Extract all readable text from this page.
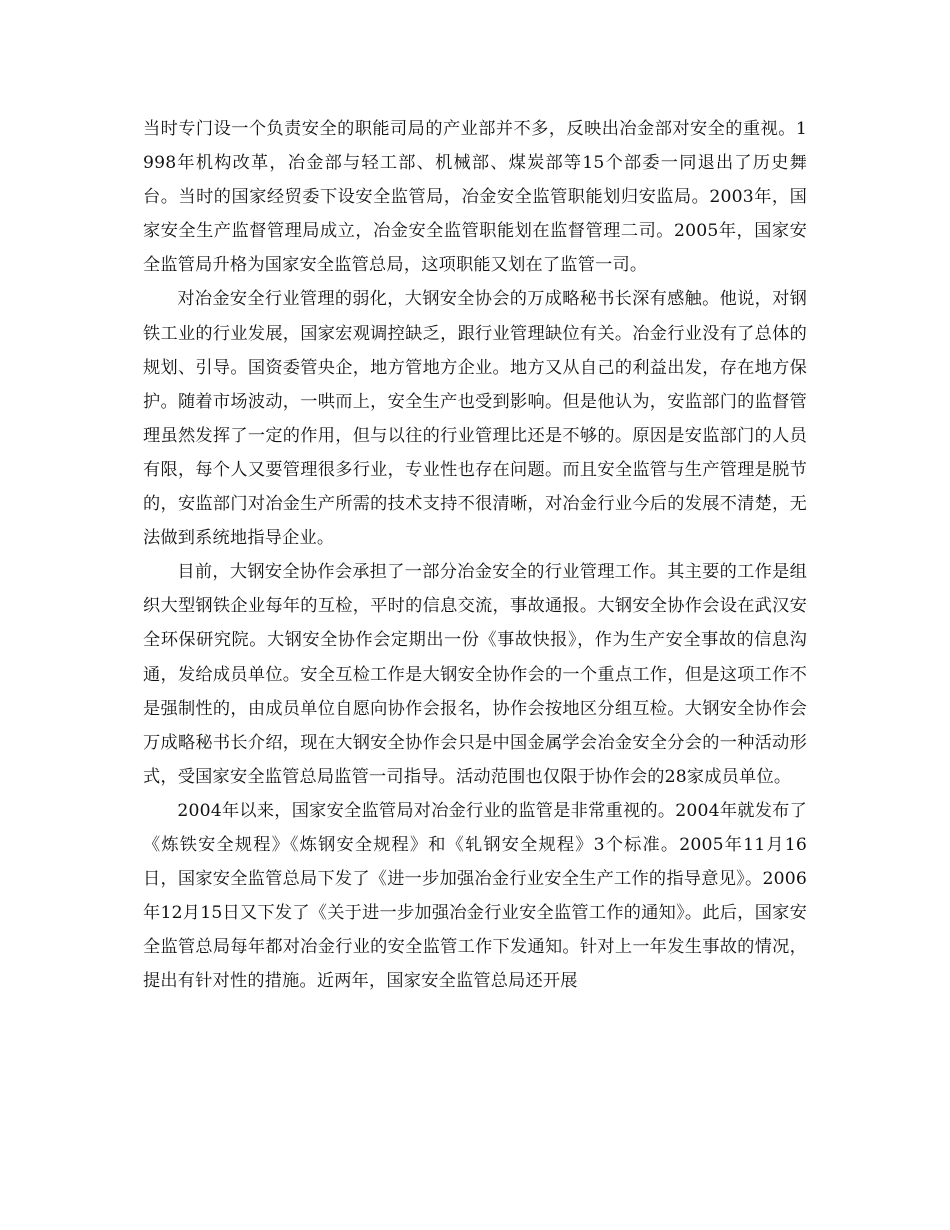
当时专门设一个负责安全的职能司局的产业部并不多，反映出冶金部对安全的重视。1998年机构改革，冶金部与轻工部、机械部、煤炭部等15个部委一同退出了历史舞台。当时的国家经贸委下设安全监管局，冶金安全监管职能划归安监局。2003年，国家安全生产监督管理局成立，冶金安全监管职能划在监督管理二司。2005年，国家安全监管局升格为国家安全监管总局，这项职能又划在了监管一司。

对冶金安全行业管理的弱化，大钢安全协会的万成略秘书长深有感触。他说，对钢铁工业的行业发展，国家宏观调控缺乏，跟行业管理缺位有关。冶金行业没有了总体的规划、引导。国资委管央企，地方管地方企业。地方又从自己的利益出发，存在地方保护。随着市场波动，一哄而上，安全生产也受到影响。但是他认为，安监部门的监督管理虽然发挥了一定的作用，但与以往的行业管理比还是不够的。原因是安监部门的人员有限，每个人又要管理很多行业，专业性也存在问题。而且安全监管与生产管理是脱节的，安监部门对冶金生产所需的技术支持不很清晰，对冶金行业今后的发展不清楚，无法做到系统地指导企业。

目前，大钢安全协作会承担了一部分冶金安全的行业管理工作。其主要的工作是组织大型钢铁企业每年的互检，平时的信息交流，事故通报。大钢安全协作会设在武汉安全环保研究院。大钢安全协作会定期出一份《事故快报》，作为生产安全事故的信息沟通，发给成员单位。安全互检工作是大钢安全协作会的一个重点工作，但是这项工作不是强制性的，由成员单位自愿向协作会报名，协作会按地区分组互检。大钢安全协作会万成略秘书长介绍，现在大钢安全协作会只是中国金属学会冶金安全分会的一种活动形式，受国家安全监管总局监管一司指导。活动范围也仅限于协作会的28家成员单位。

2004年以来，国家安全监管局对冶金行业的监管是非常重视的。2004年就发布了《炼铁安全规程》《炼钢安全规程》和《轧钢安全规程》3个标准。2005年11月16日，国家安全监管总局下发了《进一步加强冶金行业安全生产工作的指导意见》。2006年12月15日又下发了《关于进一步加强冶金行业安全监管工作的通知》。此后，国家安全监管总局每年都对冶金行业的安全监管工作下发通知。针对上一年发生事故的情况，提出有针对性的措施。近两年，国家安全监管总局还开展
